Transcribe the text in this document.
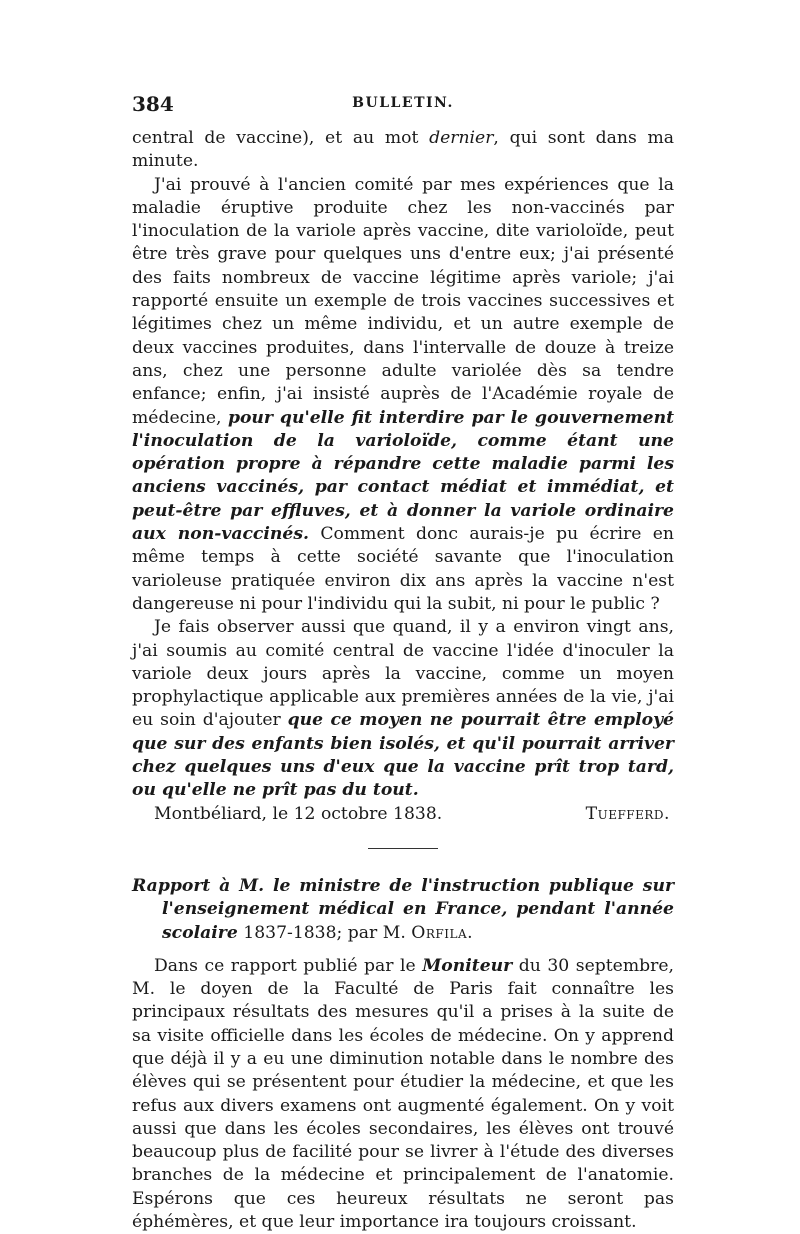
384	BULLETIN.

central de vaccine), et au mot dernier, qui sont dans ma minute.

J'ai prouvé à l'ancien comité par mes expériences que la maladie éruptive produite chez les non-vaccinés par l'inoculation de la variole après vaccine, dite varioloïde, peut être très grave pour quelques uns d'entre eux; j'ai présenté des faits nombreux de vaccine légitime après variole; j'ai rapporté ensuite un exemple de trois vaccines successives et légitimes chez un même individu, et un autre exemple de deux vaccines produites, dans l'intervalle de douze à treize ans, chez une personne adulte variolée dès sa tendre enfance; enfin, j'ai insisté auprès de l'Académie royale de médecine, pour qu'elle fit interdire par le gouvernement l'inoculation de la varioloïde, comme étant une opération propre à répandre cette maladie parmi les anciens vaccinés, par contact médiat et immédiat, et peut-être par effluves, et à donner la variole ordinaire aux non-vaccinés. Comment donc aurais-je pu écrire en même temps à cette société savante que l'inoculation varioleuse pratiquée environ dix ans après la vaccine n'est dangereuse ni pour l'individu qui la subit, ni pour le public ?

Je fais observer aussi que quand, il y a environ vingt ans, j'ai soumis au comité central de vaccine l'idée d'inoculer la variole deux jours après la vaccine, comme un moyen prophylactique applicable aux premières années de la vie, j'ai eu soin d'ajouter que ce moyen ne pourrait être employé que sur des enfants bien isolés, et qu'il pourrait arriver chez quelques uns d'eux que la vaccine prît trop tard, ou qu'elle ne prît pas du tout.

Montbéliard, le 12 octobre 1838.	Tuefferd.

Rapport à M. le ministre de l'instruction publique sur l'enseignement médical en France, pendant l'année scolaire 1837-1838; par M. Orfila.

Dans ce rapport publié par le Moniteur du 30 septembre, M. le doyen de la Faculté de Paris fait connaître les principaux résultats des mesures qu'il a prises à la suite de sa visite officielle dans les écoles de médecine. On y apprend que déjà il y a eu une diminution notable dans le nombre des élèves qui se présentent pour étudier la médecine, et que les refus aux divers examens ont augmenté également. On y voit aussi que dans les écoles secondaires, les élèves ont trouvé beaucoup plus de facilité pour se livrer à l'étude des diverses branches de la médecine et principalement de l'anatomie. Espérons que ces heureux résultats ne seront pas éphémères, et que leur importance ira toujours croissant.
